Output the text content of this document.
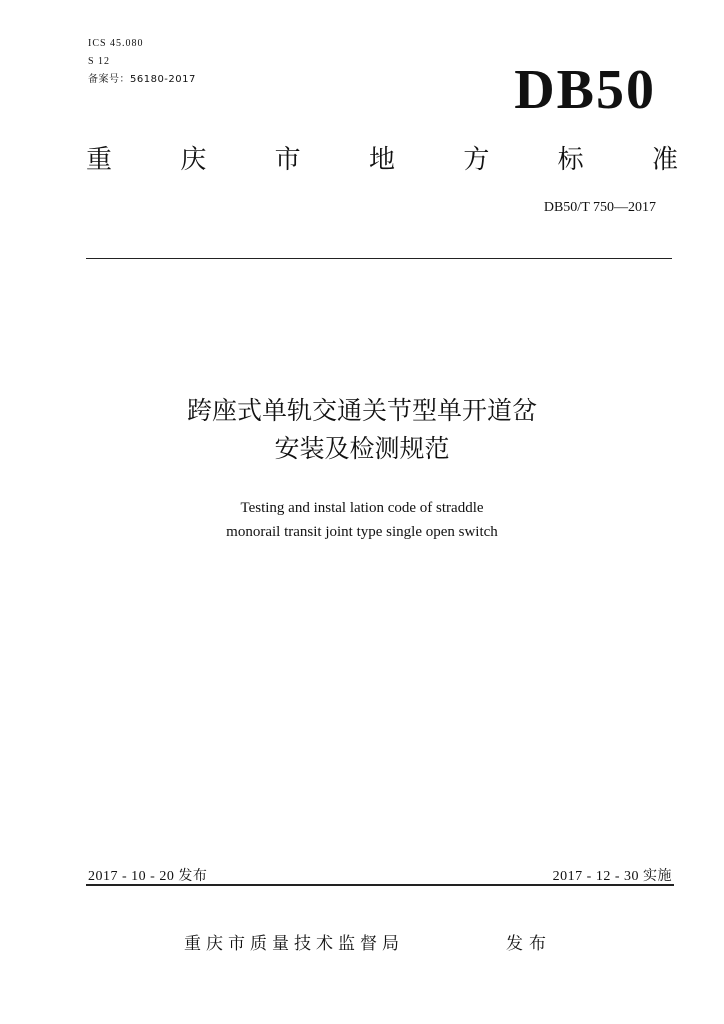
ICS 45.080
S 12
备案号：56180-2017	DB50
重	庆	市	地	方	标	准
DB50/T 750—2017
跨座式单轨交通关节型单开道岔
安装及检测规范
Testing and instal lation code of straddle
monorail transit joint type single open switch
2017 - 10 - 20 发布	2017 - 12 - 30 实施
重庆市质量技术监督局	发布
